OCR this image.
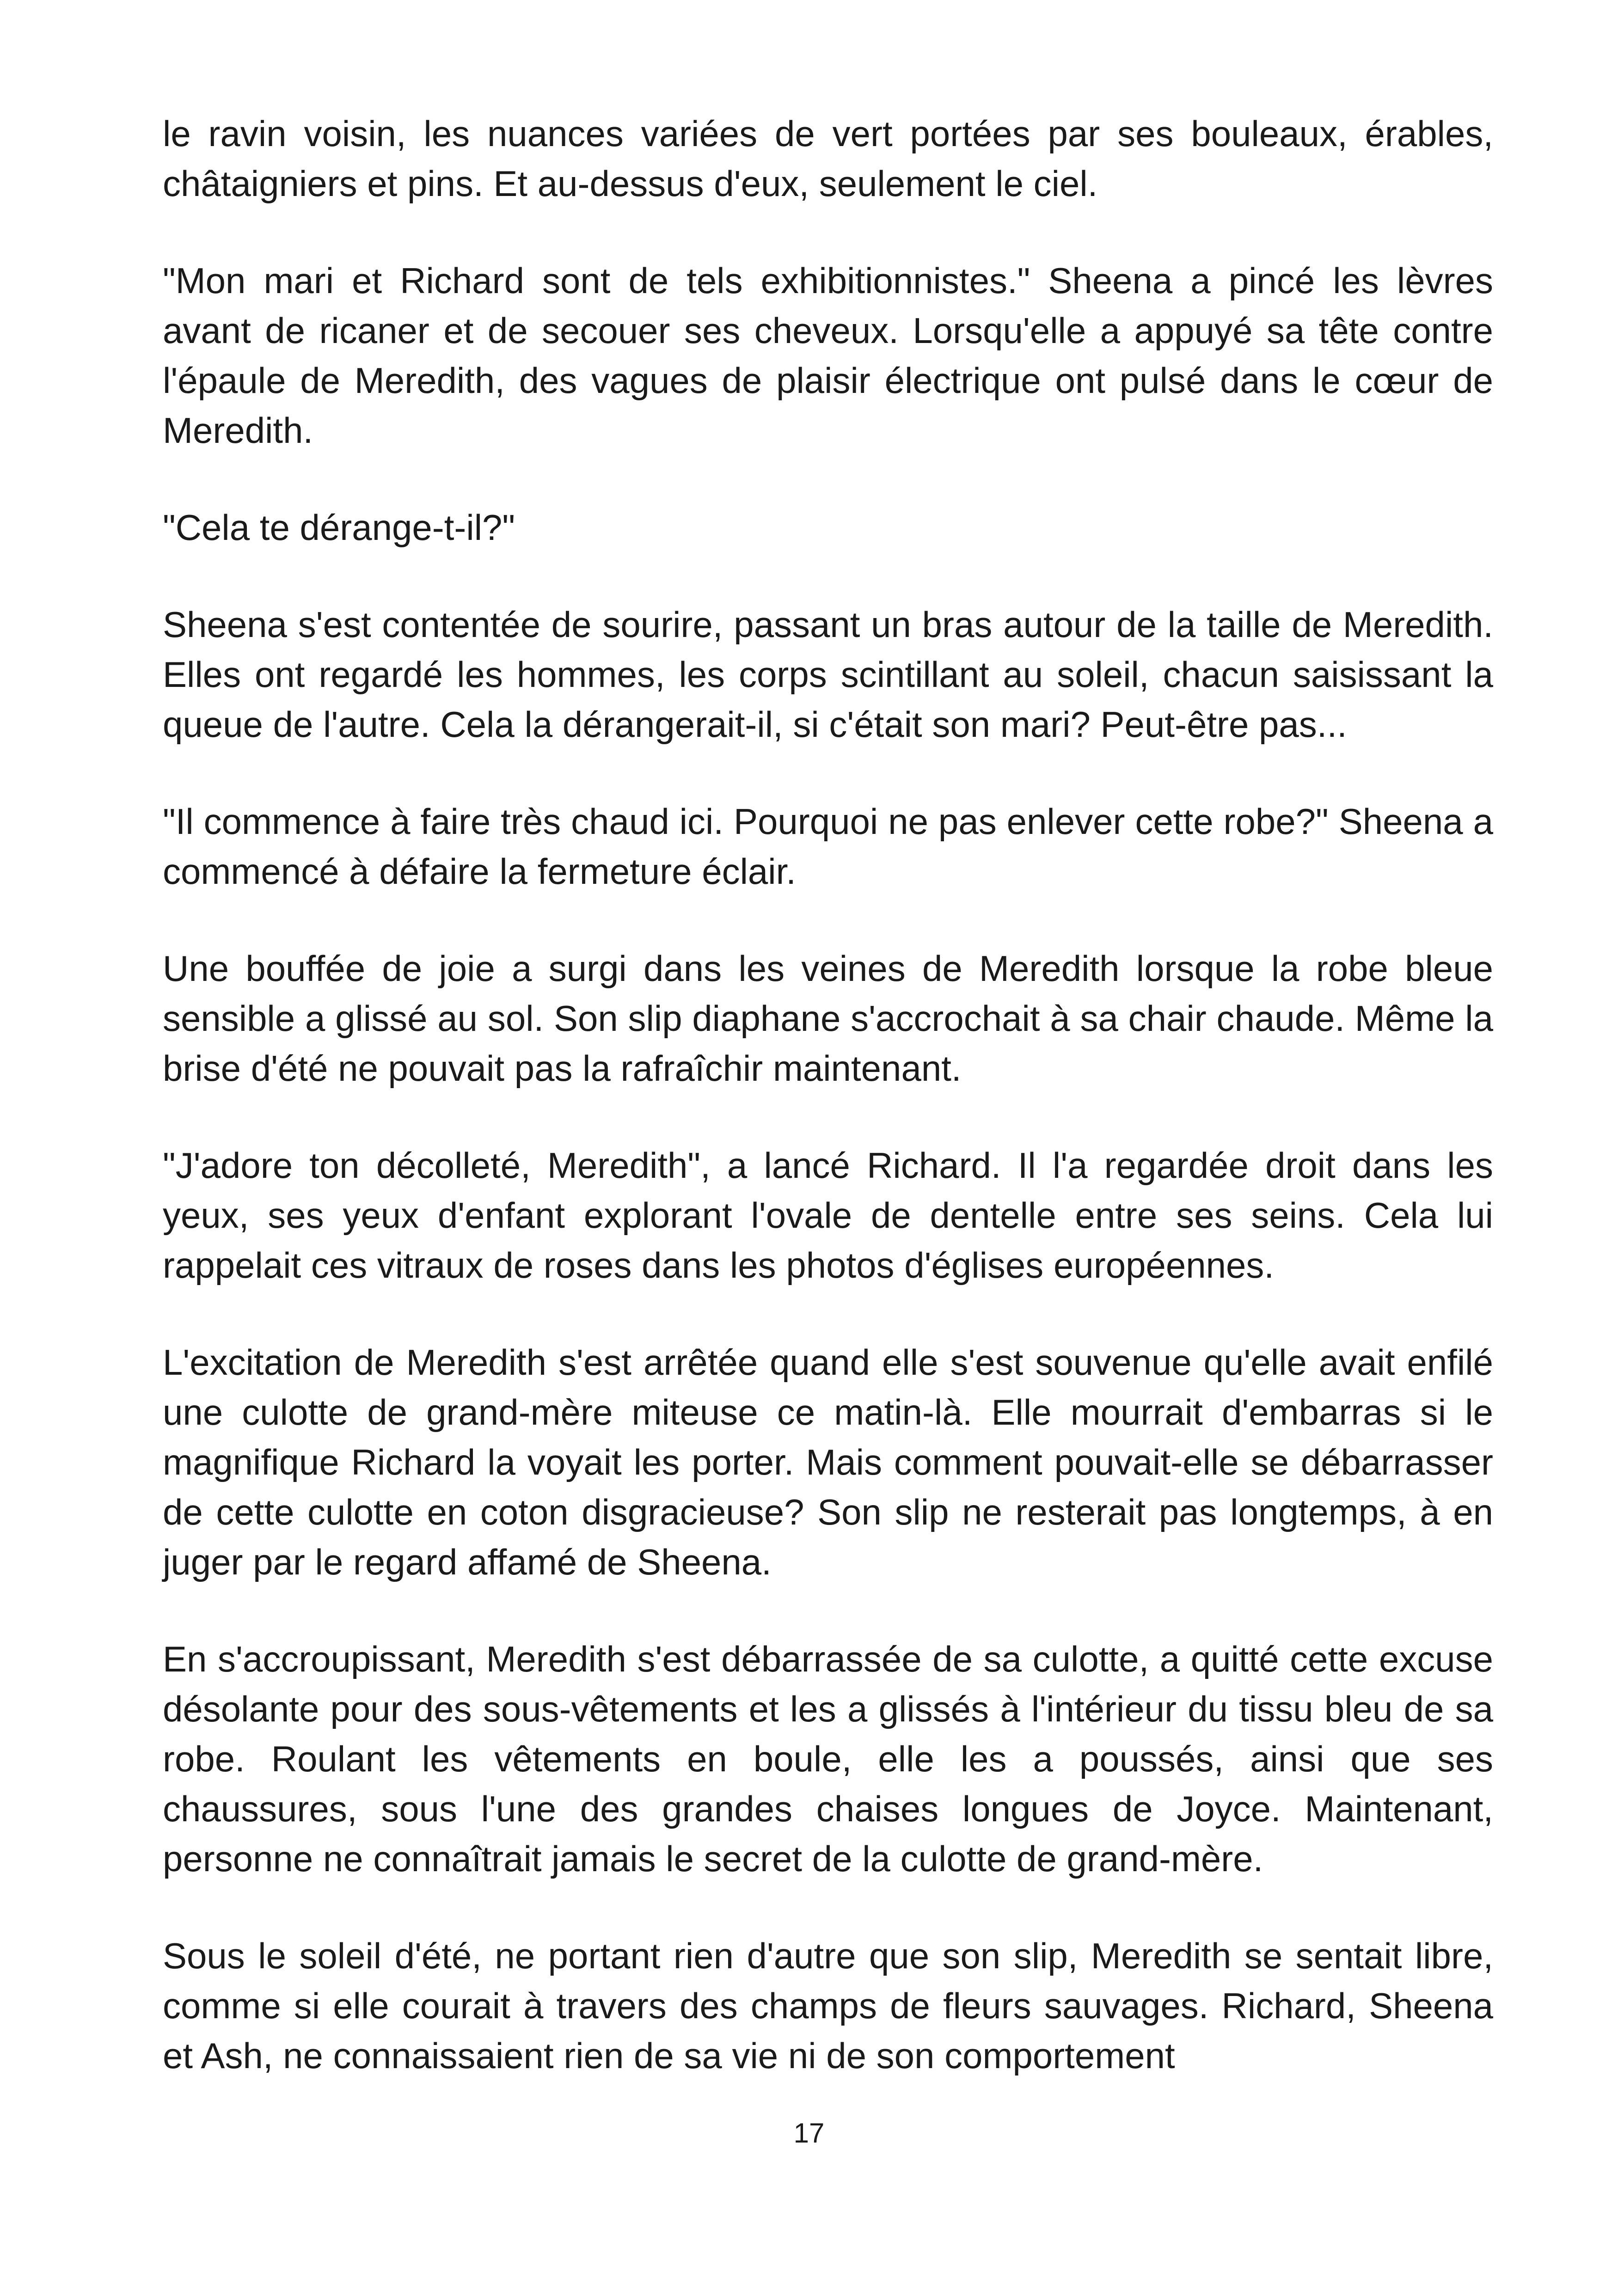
le ravin voisin, les nuances variées de vert portées par ses bouleaux, érables, châtaigniers et pins. Et au-dessus d'eux, seulement le ciel.

"Mon mari et Richard sont de tels exhibitionnistes." Sheena a pincé les lèvres avant de ricaner et de secouer ses cheveux. Lorsqu'elle a appuyé sa tête contre l'épaule de Meredith, des vagues de plaisir électrique ont pulsé dans le cœur de Meredith.

"Cela te dérange-t-il?"

Sheena s'est contentée de sourire, passant un bras autour de la taille de Meredith. Elles ont regardé les hommes, les corps scintillant au soleil, chacun saisissant la queue de l'autre. Cela la dérangerait-il, si c'était son mari? Peut-être pas...

"Il commence à faire très chaud ici. Pourquoi ne pas enlever cette robe?" Sheena a commencé à défaire la fermeture éclair.

Une bouffée de joie a surgi dans les veines de Meredith lorsque la robe bleue sensible a glissé au sol. Son slip diaphane s'accrochait à sa chair chaude. Même la brise d'été ne pouvait pas la rafraîchir maintenant.

"J'adore ton décolleté, Meredith", a lancé Richard. Il l'a regardée droit dans les yeux, ses yeux d'enfant explorant l'ovale de dentelle entre ses seins. Cela lui rappelait ces vitraux de roses dans les photos d'églises européennes.

L'excitation de Meredith s'est arrêtée quand elle s'est souvenue qu'elle avait enfilé une culotte de grand-mère miteuse ce matin-là. Elle mourrait d'embarras si le magnifique Richard la voyait les porter. Mais comment pouvait-elle se débarrasser de cette culotte en coton disgracieuse? Son slip ne resterait pas longtemps, à en juger par le regard affamé de Sheena.

En s'accroupissant, Meredith s'est débarrassée de sa culotte, a quitté cette excuse désolante pour des sous-vêtements et les a glissés à l'intérieur du tissu bleu de sa robe. Roulant les vêtements en boule, elle les a poussés, ainsi que ses chaussures, sous l'une des grandes chaises longues de Joyce. Maintenant, personne ne connaîtrait jamais le secret de la culotte de grand-mère.

Sous le soleil d'été, ne portant rien d'autre que son slip, Meredith se sentait libre, comme si elle courait à travers des champs de fleurs sauvages. Richard, Sheena et Ash, ne connaissaient rien de sa vie ni de son comportement

17
